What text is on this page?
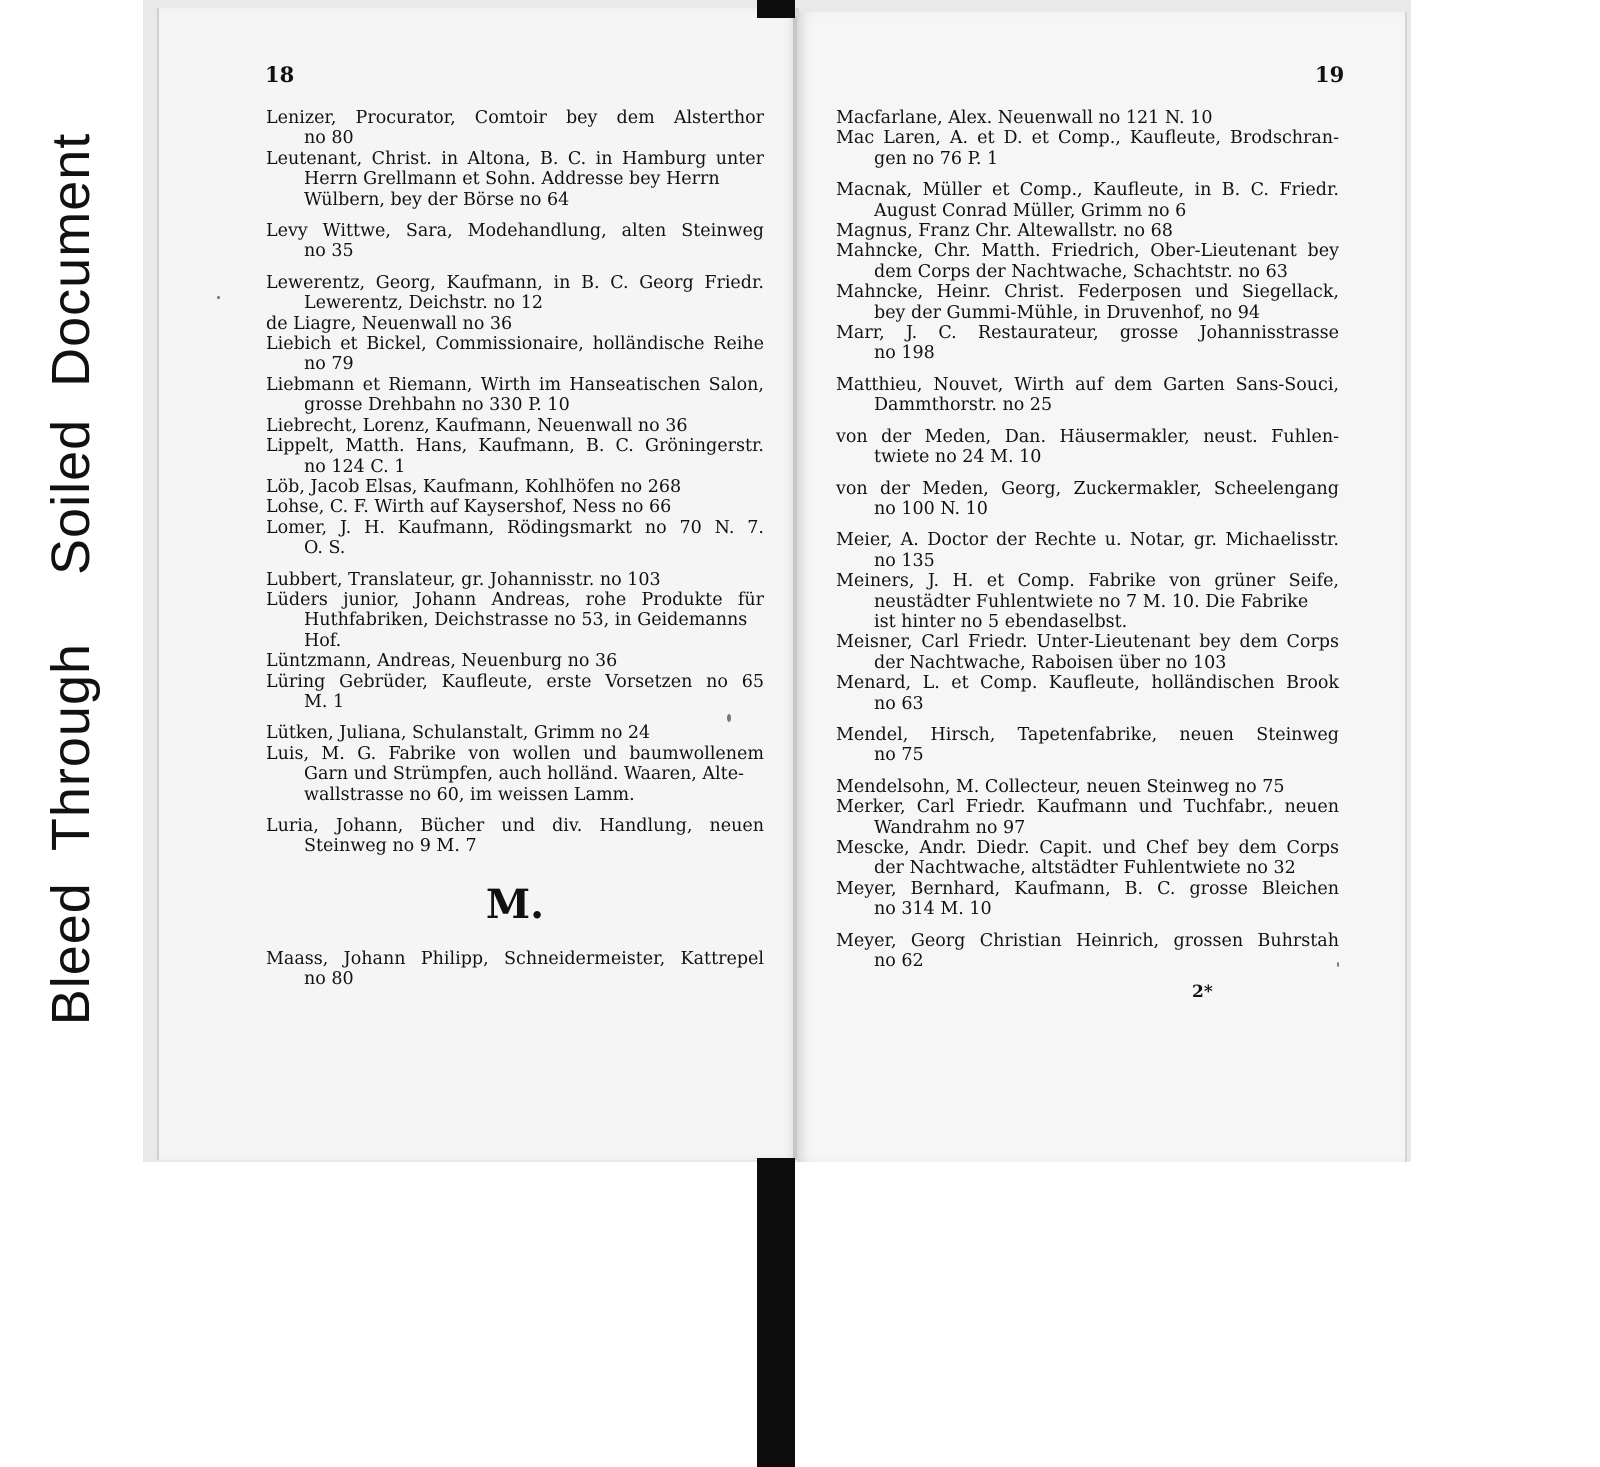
Bleed  Through Soiled  Document
18	19
Lenizer, Procurator, Comtoir bey dem Alsterthor
no 80
Leutenant, Christ. in Altona, B. C. in Hamburg unter
Herrn Grellmann et Sohn. Addresse bey Herrn
Wülbern, bey der Börse no 64
Levy Wittwe, Sara, Modehandlung, alten Steinweg
no 35
Lewerentz, Georg, Kaufmann, in B. C. Georg Friedr.
Lewerentz, Deichstr. no 12
de Liagre, Neuenwall no 36
Liebich et Bickel, Commissionaire, holländische Reihe
no 79
Liebmann et Riemann, Wirth im Hanseatischen Salon,
grosse Drehbahn no 330 P. 10
Liebrecht, Lorenz, Kaufmann, Neuenwall no 36
Lippelt, Matth. Hans, Kaufmann, B. C. Gröningerstr.
no 124 C. 1
Löb, Jacob Elsas, Kaufmann, Kohlhöfen no 268
Lohse, C. F. Wirth auf Kaysershof, Ness no 66
Lomer, J. H. Kaufmann, Rödingsmarkt no 70 N. 7.
O. S.
Lubbert, Translateur, gr. Johannisstr. no 103
Lüders junior, Johann Andreas, rohe Produkte für
Huthfabriken, Deichstrasse no 53, in Geidemanns
Hof.
Lüntzmann, Andreas, Neuenburg no 36
Lüring Gebrüder, Kaufleute, erste Vorsetzen no 65
M. 1
Lütken, Juliana, Schulanstalt, Grimm no 24
Luis, M. G. Fabrike von wollen und baumwollenem
Garn und Strümpfen, auch holländ. Waaren, Alte-
wallstrasse no 60, im weissen Lamm.
Luria, Johann, Bücher und div. Handlung, neuen
Steinweg no 9 M. 7
M.
Maass, Johann Philipp, Schneidermeister, Kattrepel
no 80
Macfarlane, Alex. Neuenwall no 121 N. 10
Mac Laren, A. et D. et Comp., Kaufleute, Brodschran-
gen no 76 P. 1
Macnak, Müller et Comp., Kaufleute, in B. C. Friedr.
August Conrad Müller, Grimm no 6
Magnus, Franz Chr. Altewallstr. no 68
Mahncke, Chr. Matth. Friedrich, Ober-Lieutenant bey
dem Corps der Nachtwache, Schachtstr. no 63
Mahncke, Heinr. Christ. Federposen und Siegellack,
bey der Gummi-Mühle, in Druvenhof, no 94
Marr, J. C. Restaurateur, grosse Johannisstrasse
no 198
Matthieu, Nouvet, Wirth auf dem Garten Sans-Souci,
Dammthorstr. no 25
von der Meden, Dan. Häusermakler, neust. Fuhlen-
twiete no 24 M. 10
von der Meden, Georg, Zuckermakler, Scheelengang
no 100 N. 10
Meier, A. Doctor der Rechte u. Notar, gr. Michaelisstr.
no 135
Meiners, J. H. et Comp. Fabrike von grüner Seife,
neustädter Fuhlentwiete no 7 M. 10. Die Fabrike
ist hinter no 5 ebendaselbst.
Meisner, Carl Friedr. Unter-Lieutenant bey dem Corps
der Nachtwache, Raboisen über no 103
Menard, L. et Comp. Kaufleute, holländischen Brook
no 63
Mendel, Hirsch, Tapetenfabrike, neuen Steinweg
no 75
Mendelsohn, M. Collecteur, neuen Steinweg no 75
Merker, Carl Friedr. Kaufmann und Tuchfabr., neuen
Wandrahm no 97
Mescke, Andr. Diedr. Capit. und Chef bey dem Corps
der Nachtwache, altstädter Fuhlentwiete no 32
Meyer, Bernhard, Kaufmann, B. C. grosse Bleichen
no 314 M. 10
Meyer, Georg Christian Heinrich, grossen Buhrstah
no 62
2*
